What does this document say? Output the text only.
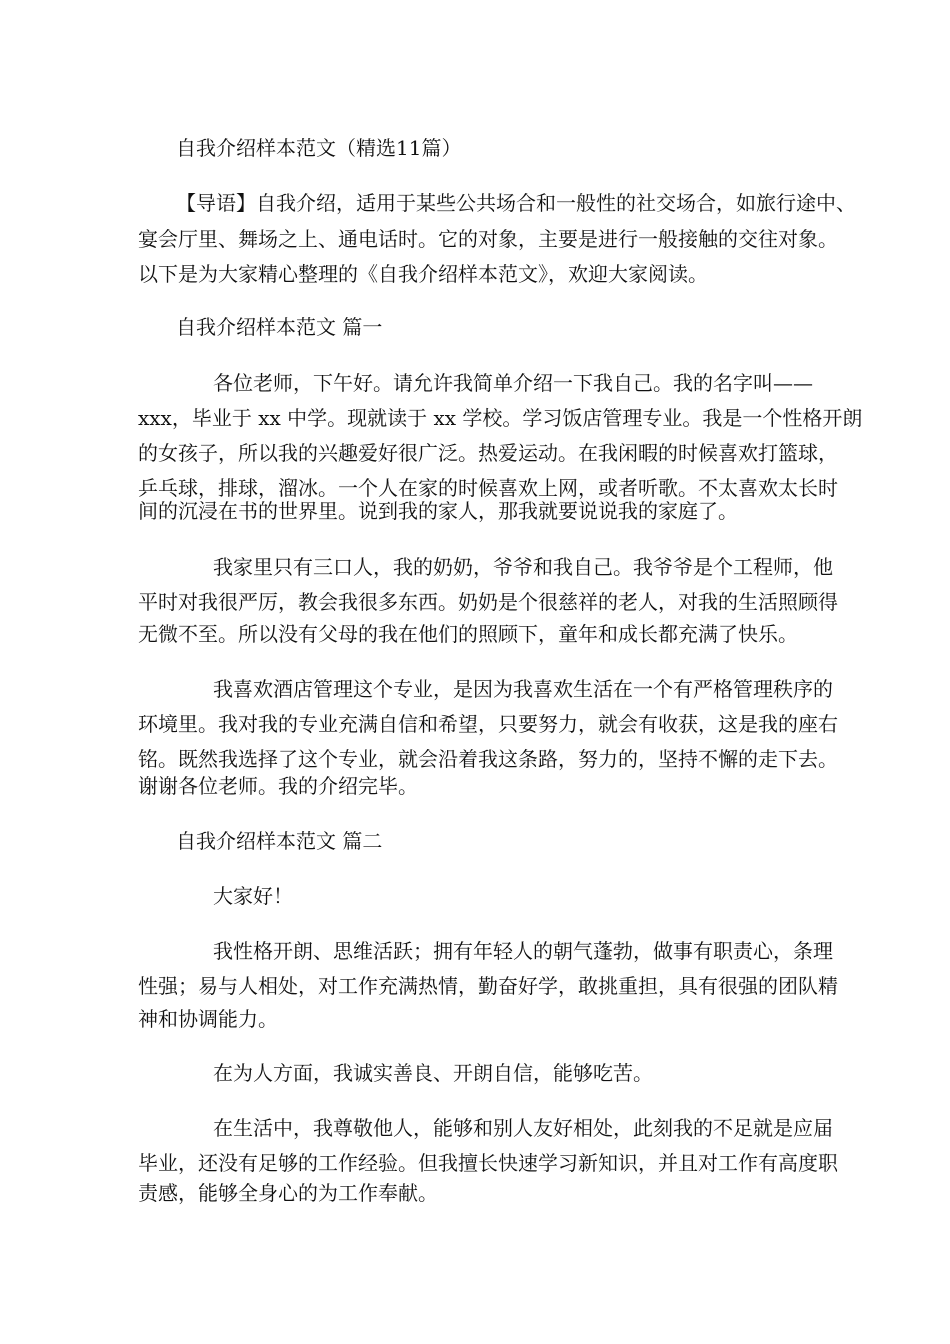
自我介绍样本范文（精选11篇）
【导语】自我介绍，适用于某些公共场合和一般性的社交场合，如旅行途中、
宴会厅里、舞场之上、通电话时。它的对象，主要是进行一般接触的交往对象。
以下是为大家精心整理的《自我介绍样本范文》，欢迎大家阅读。
自我介绍样本范文 篇一
各位老师，下午好。请允许我简单介绍一下我自己。我的名字叫——
xxx，毕业于 xx 中学。现就读于 xx 学校。学习饭店管理专业。我是一个性格开朗
的女孩子，所以我的兴趣爱好很广泛。热爱运动。在我闲暇的时候喜欢打篮球，
乒乓球，排球，溜冰。一个人在家的时候喜欢上网，或者听歌。不太喜欢太长时
间的沉浸在书的世界里。说到我的家人，那我就要说说我的家庭了。
我家里只有三口人，我的奶奶，爷爷和我自己。我爷爷是个工程师，他
平时对我很严厉，教会我很多东西。奶奶是个很慈祥的老人，对我的生活照顾得
无微不至。所以没有父母的我在他们的照顾下，童年和成长都充满了快乐。
我喜欢酒店管理这个专业，是因为我喜欢生活在一个有严格管理秩序的
环境里。我对我的专业充满自信和希望，只要努力，就会有收获，这是我的座右
铭。既然我选择了这个专业，就会沿着我这条路，努力的，坚持不懈的走下去。
谢谢各位老师。我的介绍完毕。
自我介绍样本范文 篇二
大家好！
我性格开朗、思维活跃；拥有年轻人的朝气蓬勃，做事有职责心，条理
性强；易与人相处，对工作充满热情，勤奋好学，敢挑重担，具有很强的团队精
神和协调能力。
在为人方面，我诚实善良、开朗自信，能够吃苦。
在生活中，我尊敬他人，能够和别人友好相处，此刻我的不足就是应届
毕业，还没有足够的工作经验。但我擅长快速学习新知识，并且对工作有高度职
责感，能够全身心的为工作奉献。
